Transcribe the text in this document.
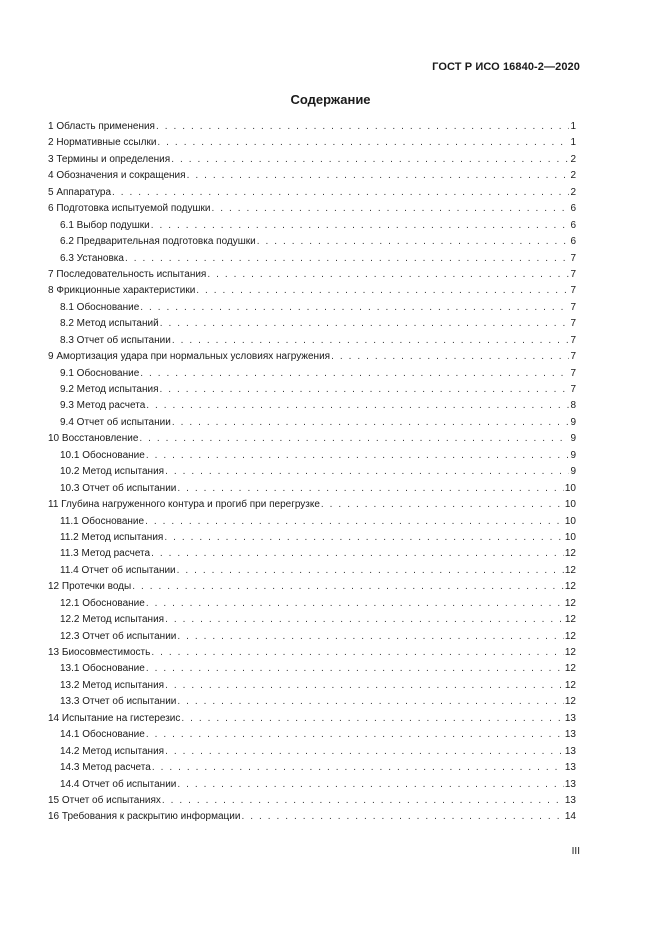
ГОСТ Р ИСО 16840-2—2020
Содержание
1 Область применения . . .	1
2 Нормативные ссылки . . .	1
3 Термины и определения . . .	2
4 Обозначения и сокращения . . .	2
5 Аппаратура . . .	2
6 Подготовка испытуемой подушки . . .	6
6.1 Выбор подушки . . .	6
6.2 Предварительная подготовка подушки . . .	6
6.3 Установка . . .	7
7 Последовательность испытания . . .	7
8 Фрикционные характеристики . . .	7
8.1 Обоснование . . .	7
8.2 Метод испытаний . . .	7
8.3 Отчет об испытании . . .	7
9 Амортизация удара при нормальных условиях нагружения . . .	7
9.1 Обоснование . . .	7
9.2 Метод испытания . . .	7
9.3 Метод расчета . . .	8
9.4 Отчет об испытании . . .	9
10 Восстановление . . .	9
10.1 Обоснование . . .	9
10.2 Метод испытания . . .	9
10.3 Отчет об испытании . . .	10
11 Глубина нагруженного контура и прогиб при перегрузке . . .	10
11.1 Обоснование . . .	10
11.2 Метод испытания . . .	10
11.3 Метод расчета . . .	12
11.4 Отчет об испытании . . .	12
12 Протечки воды . . .	12
12.1 Обоснование . . .	12
12.2 Метод испытания . . .	12
12.3 Отчет об испытании . . .	12
13 Биосовместимость . . .	12
13.1 Обоснование . . .	12
13.2 Метод испытания . . .	12
13.3 Отчет об испытании . . .	12
14 Испытание на гистерезис . . .	13
14.1 Обоснование . . .	13
14.2 Метод испытания . . .	13
14.3 Метод расчета . . .	13
14.4 Отчет об испытании . . .	13
15 Отчет об испытаниях . . .	13
16 Требования к раскрытию информации . . .	14
III
